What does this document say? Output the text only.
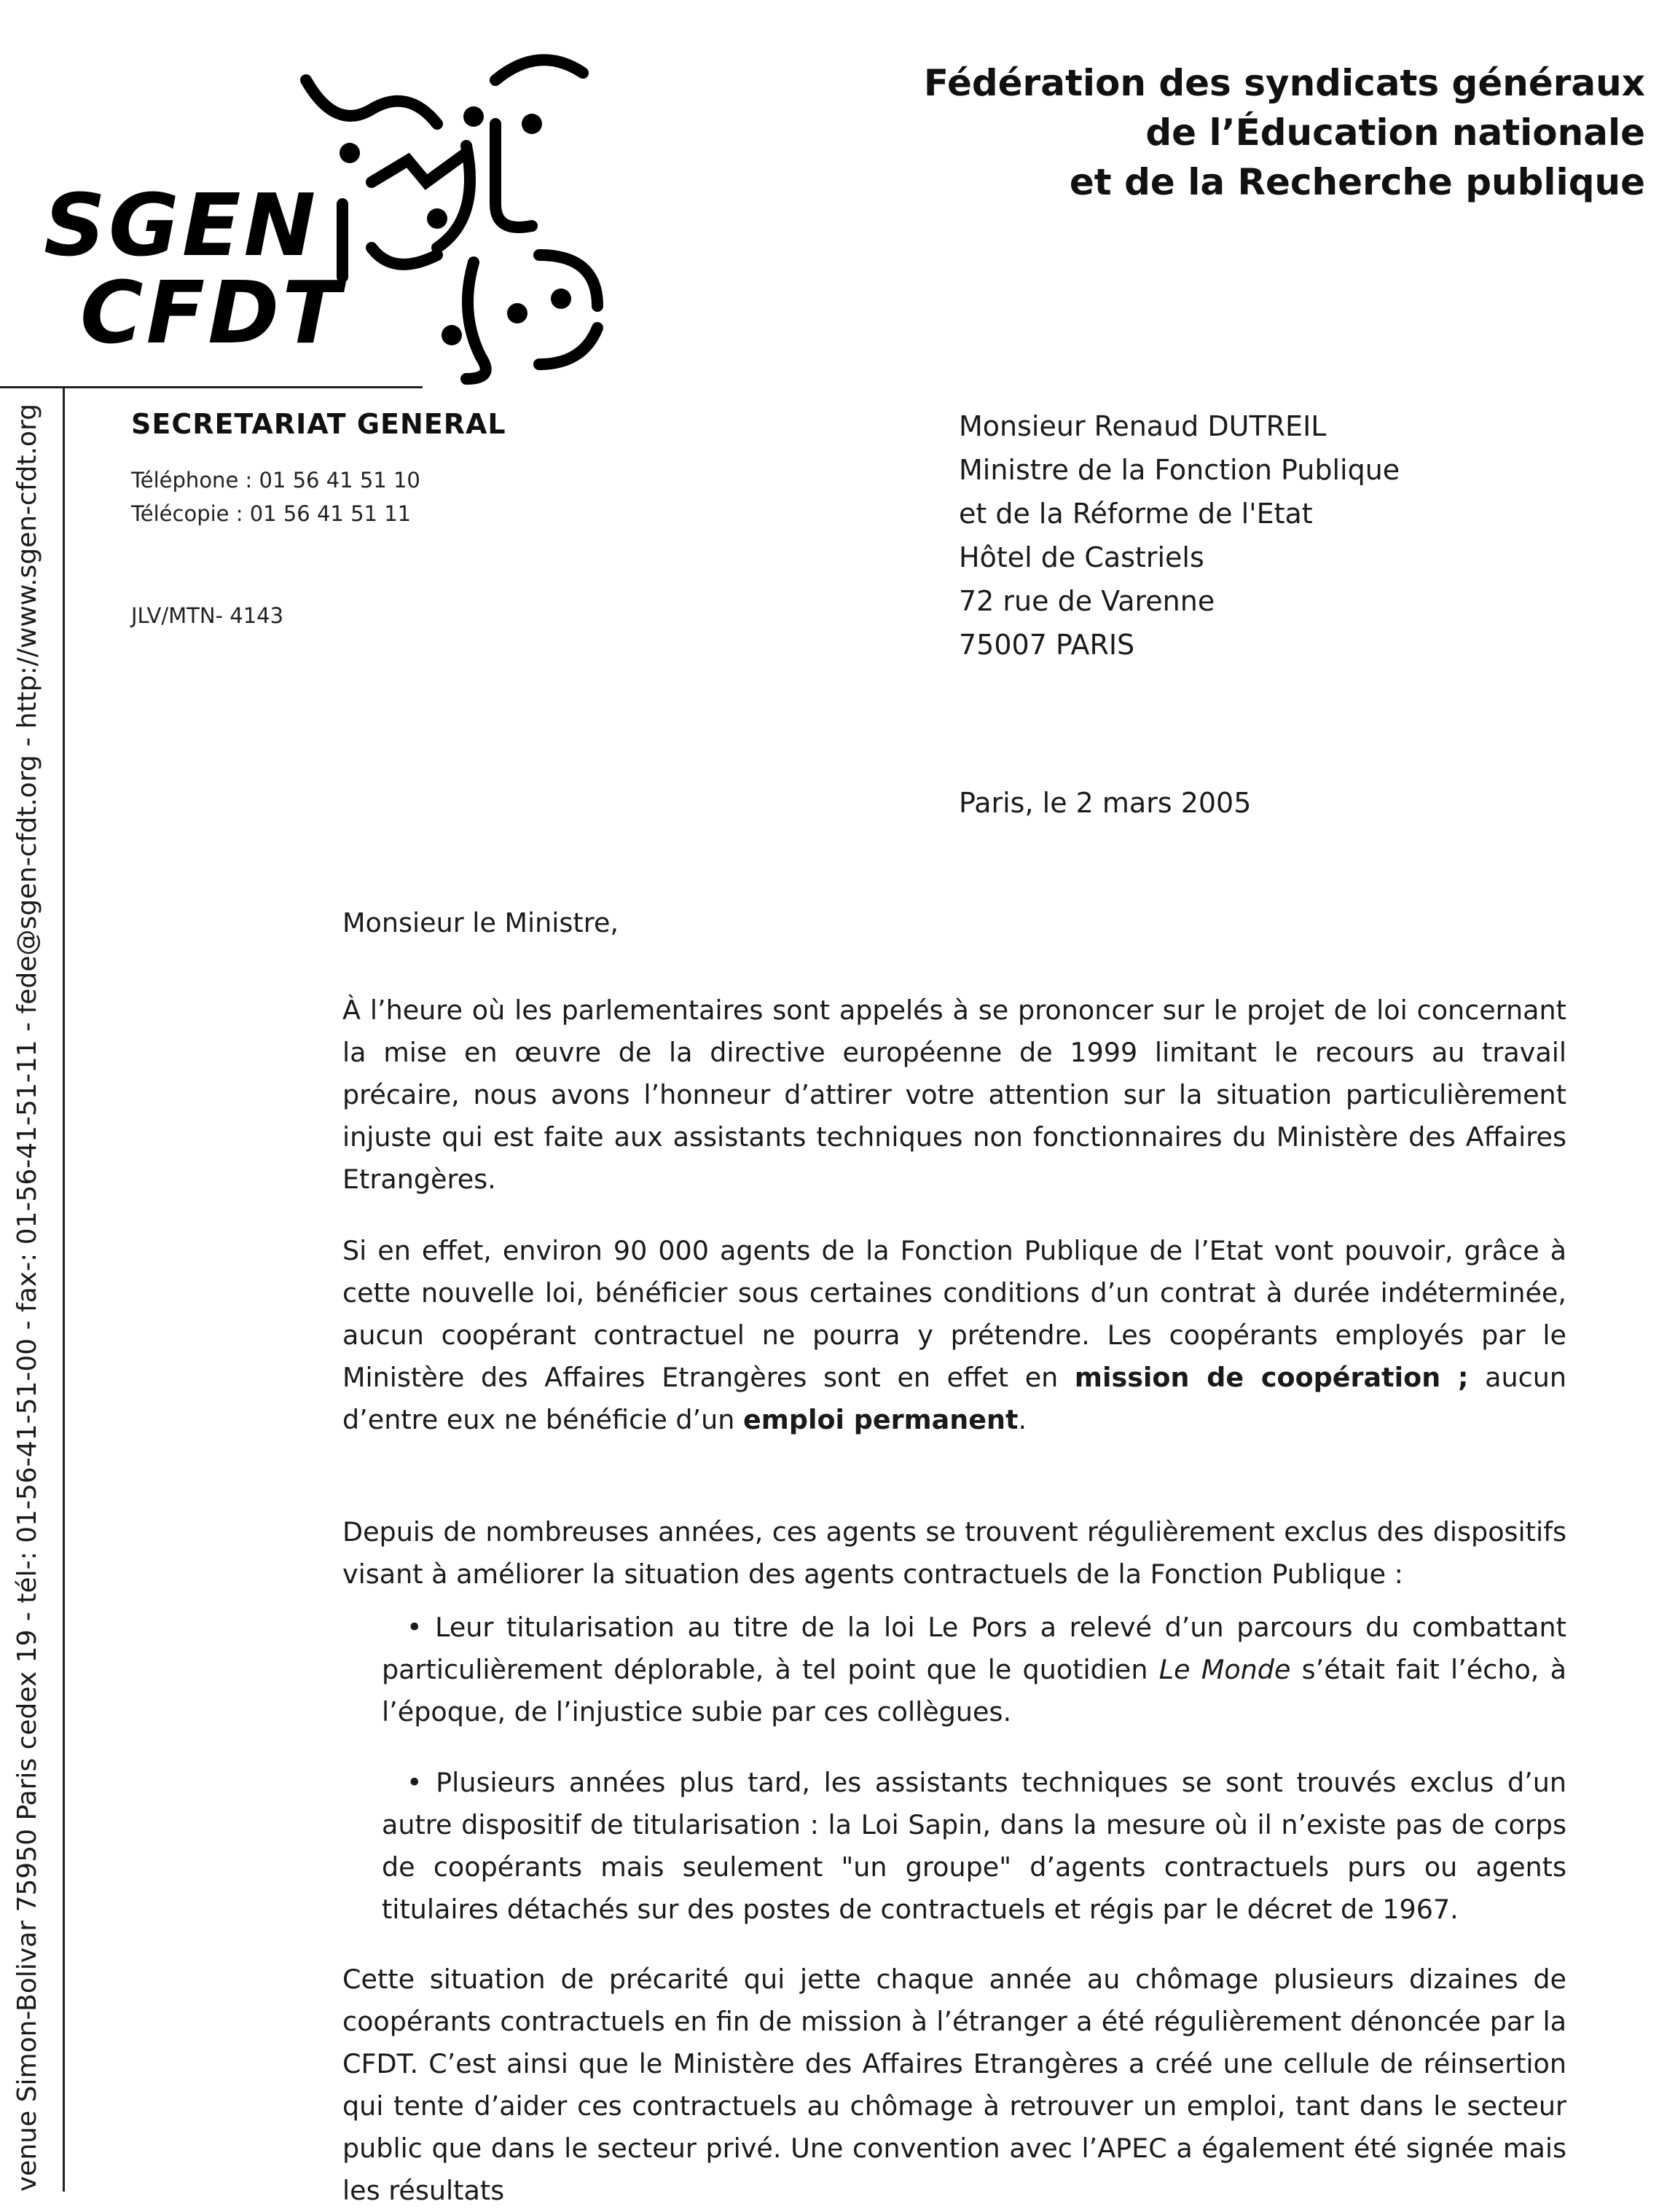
SGEN
CFDT
Fédération des syndicats généraux
de l’Éducation nationale
et de la Recherche publique
venue Simon-Bolivar 75950 Paris cedex 19 - tél-: 01-56-41-51-00 - fax-: 01-56-41-51-11 - fede@sgen-cfdt.org - http://www.sgen-cfdt.org	SECRETARIAT GENERAL
Téléphone : 01 56 41 51 10
Télécopie : 01 56 41 51 11
JLV/MTN- 4143
Monsieur Renaud DUTREIL
Ministre de la Fonction Publique
et de la Réforme de l'Etat
Hôtel de Castriels
72 rue de Varenne
75007 PARIS
Paris, le 2 mars 2005
Monsieur le Ministre,
À l’heure où les parlementaires sont appelés à se prononcer sur le projet de loi concernant la mise en œuvre de la directive européenne de 1999 limitant le recours au travail précaire, nous avons l’honneur d’attirer votre attention sur la situation particulièrement injuste qui est faite aux assistants techniques non fonctionnaires du Ministère des Affaires Etrangères.
Si en effet, environ 90 000 agents de la Fonction Publique de l’Etat vont pouvoir, grâce à cette nouvelle loi, bénéficier sous certaines conditions d’un contrat à durée indéterminée, aucun coopérant contractuel ne pourra y prétendre. Les coopérants employés par le Ministère des Affaires Etrangères sont en effet en mission de coopération ; aucun d’entre eux ne bénéficie d’un emploi permanent.
Depuis de nombreuses années, ces agents se trouvent régulièrement exclus des dispositifs visant à améliorer la situation des agents contractuels de la Fonction Publique :
• Leur titularisation au titre de la loi Le Pors a relevé d’un parcours du combattant particulièrement déplorable, à tel point que le quotidien Le Monde s’était fait l’écho, à l’époque, de l’injustice subie par ces collègues.
• Plusieurs années plus tard, les assistants techniques se sont trouvés exclus d’un autre dispositif de titularisation : la Loi Sapin, dans la mesure où il n’existe pas de corps de coopérants mais seulement "un groupe" d’agents contractuels purs ou agents titulaires détachés sur des postes de contractuels et régis par le décret de 1967.
Cette situation de précarité qui jette chaque année au chômage plusieurs dizaines de coopérants contractuels en fin de mission à l’étranger a été régulièrement dénoncée par la CFDT. C’est ainsi que le Ministère des Affaires Etrangères a créé une cellule de réinsertion qui tente d’aider ces contractuels au chômage à retrouver un emploi, tant dans le secteur public que dans le secteur privé. Une convention avec l’APEC a également été signée mais les résultats
